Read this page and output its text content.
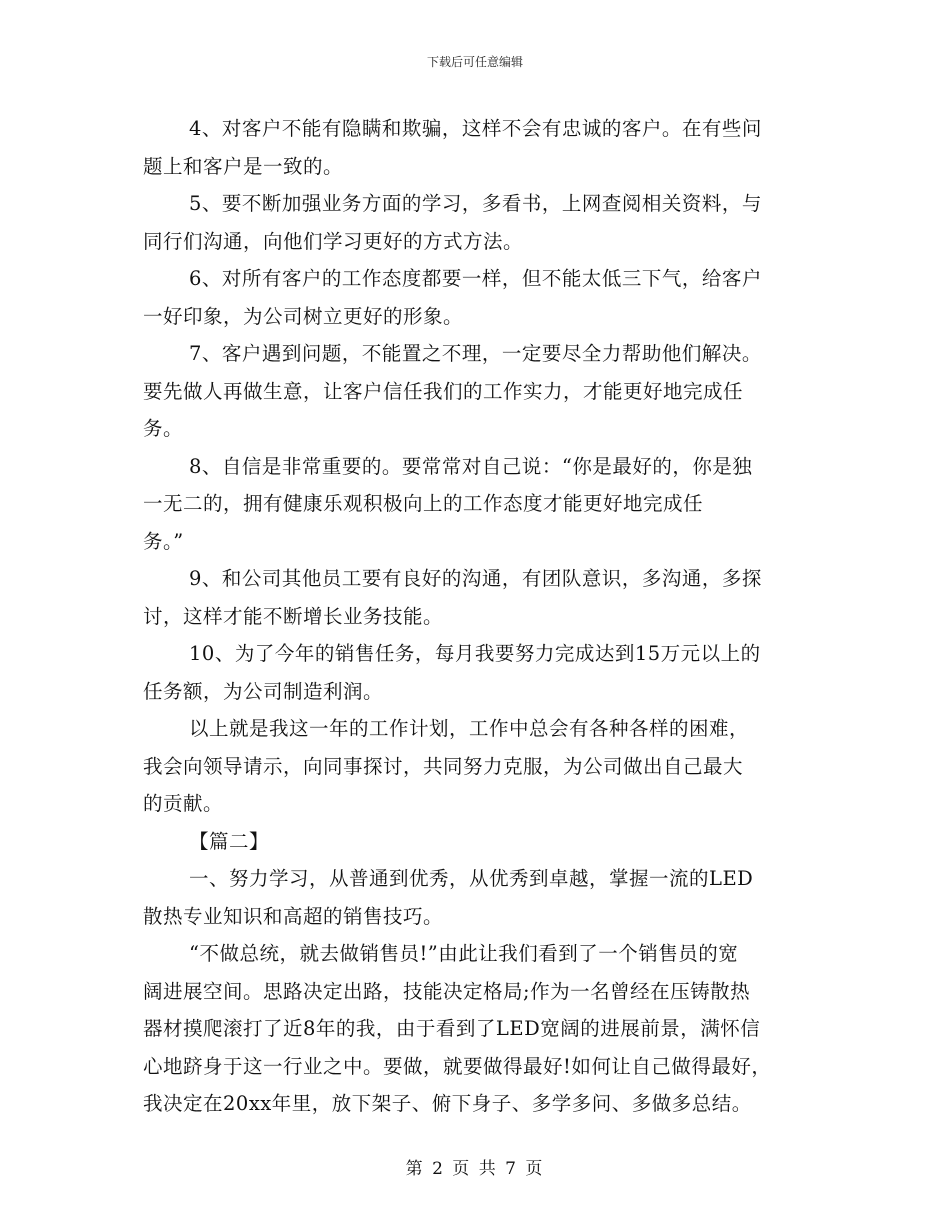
下载后可任意编辑
4、对客户不能有隐瞒和欺骗，这样不会有忠诚的客户。在有些问
题上和客户是一致的。
5、要不断加强业务方面的学习，多看书，上网查阅相关资料，与
同行们沟通，向他们学习更好的方式方法。
6、对所有客户的工作态度都要一样，但不能太低三下气，给客户
一好印象，为公司树立更好的形象。
7、客户遇到问题，不能置之不理，一定要尽全力帮助他们解决。
要先做人再做生意，让客户信任我们的工作实力，才能更好地完成任
务。
8、自信是非常重要的。要常常对自己说：“你是最好的，你是独
一无二的，拥有健康乐观积极向上的工作态度才能更好地完成任
务。”
9、和公司其他员工要有良好的沟通，有团队意识，多沟通，多探
讨，这样才能不断增长业务技能。
10、为了今年的销售任务，每月我要努力完成达到15万元以上的
任务额，为公司制造利润。
以上就是我这一年的工作计划，工作中总会有各种各样的困难，
我会向领导请示，向同事探讨，共同努力克服，为公司做出自己最大
的贡献。
【篇二】
一、努力学习，从普通到优秀，从优秀到卓越，掌握一流的LED
散热专业知识和高超的销售技巧。
“不做总统，就去做销售员!”由此让我们看到了一个销售员的宽
阔进展空间。思路决定出路，技能决定格局;作为一名曾经在压铸散热
器材摸爬滚打了近8年的我，由于看到了LED宽阔的进展前景，满怀信
心地跻身于这一行业之中。要做，就要做得最好!如何让自己做得最好，
我决定在20xx年里，放下架子、俯下身子、多学多问、多做多总结。
第 2 页 共 7 页
